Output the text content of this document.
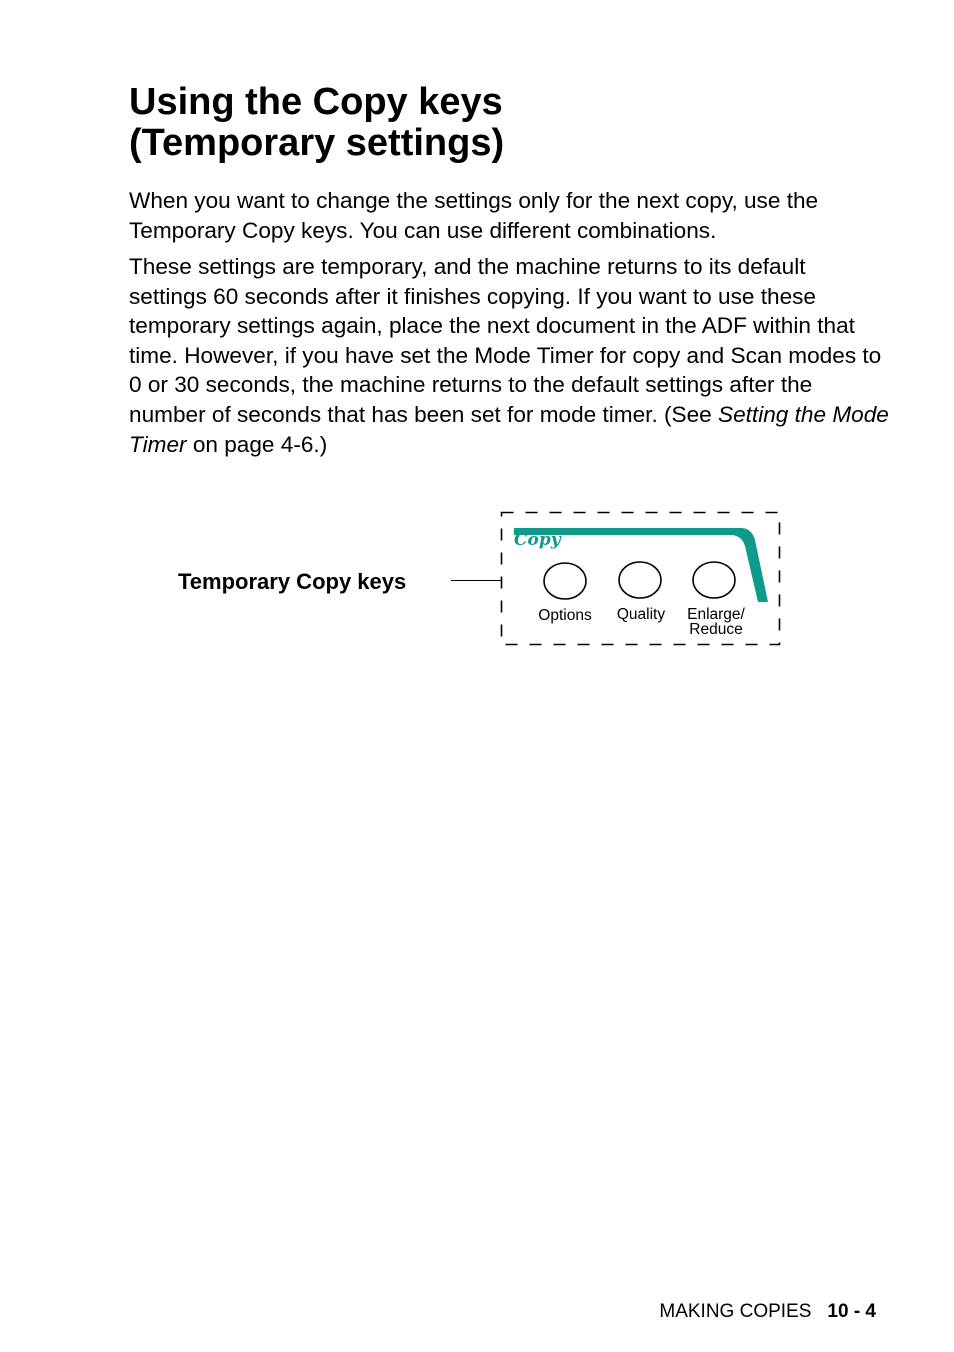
Using the Copy keys
(Temporary settings)

When you want to change the settings only for the next copy, use the Temporary Copy keys. You can use different combinations.

These settings are temporary, and the machine returns to its default settings 60 seconds after it finishes copying. If you want to use these temporary settings again, place the next document in the ADF within that time. However, if you have set the Mode Timer for copy and Scan modes to 0 or 30 seconds, the machine returns to the default settings after the number of seconds that has been set for mode timer. (See Setting the Mode Timer on page 4-6.)

Temporary Copy keys

Copy
Options	Quality	Enlarge/
Reduce
MAKING COPIES 10 - 4
